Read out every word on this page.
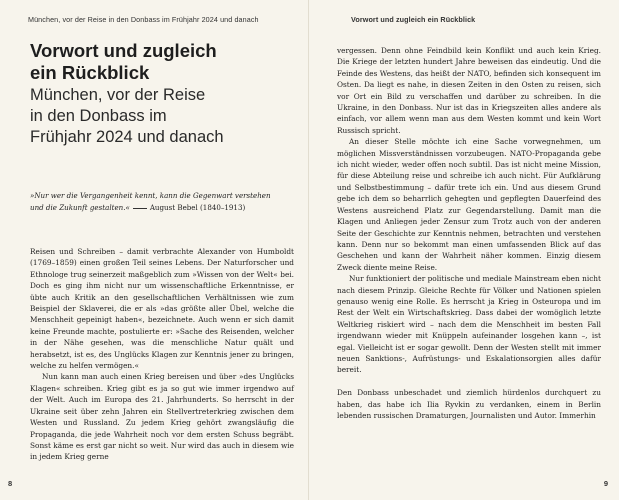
München, vor der Reise in den Donbass im Frühjahr 2024 und danach
Vorwort und zugleich
ein Rückblick
München, vor der Reise
in den Donbass im
Frühjahr 2024 und danach
»Nur wer die Vergangenheit kennt, kann die Gegenwart verstehen
und die Zukunft gestalten.«	August Bebel (1840–1913)

Reisen und Schreiben – damit verbrachte Alexander von Humboldt (1769–1859) einen großen Teil seines Lebens. Der Naturforscher und Ethnologe trug seinerzeit maßgeblich zum »Wissen von der Welt« bei. Doch es ging ihm nicht nur um wissenschaftliche Erkenntnisse, er übte auch Kritik an den gesellschaftlichen Verhältnissen wie zum Beispiel der Sklaverei, die er als »das größte aller Übel, welche die Menschheit gepeinigt haben«, bezeichnete. Auch wenn er sich damit keine Freunde machte, postulierte er: »Sache des Reisenden, welcher in der Nähe gesehen, was die menschliche Natur quält und herabsetzt, ist es, des Unglücks Klagen zur Kenntnis jener zu bringen, welche zu helfen vermögen.«

Nun kann man auch einen Krieg bereisen und über »des Unglücks Klagen« schreiben. Krieg gibt es ja so gut wie immer irgendwo auf der Welt. Auch im Europa des 21. Jahrhunderts. So herrscht in der Ukraine seit über zehn Jahren ein Stellvertreterkrieg zwischen dem Westen und Russland. Zu jedem Krieg gehört zwangsläufig die Propaganda, die jede Wahrheit noch vor dem ersten Schuss begräbt. Sonst käme es erst gar nicht so weit. Nur wird das auch in diesem wie in jedem Krieg gerne

8
Vorwort und zugleich ein Rückblick

vergessen. Denn ohne Feindbild kein Konflikt und auch kein Krieg. Die Kriege der letzten hundert Jahre beweisen das eindeutig. Und die Feinde des Westens, das heißt der NATO, befinden sich konsequent im Osten. Da liegt es nahe, in diesen Zeiten in den Osten zu reisen, sich vor Ort ein Bild zu verschaffen und darüber zu schreiben. In die Ukraine, in den Donbass. Nur ist das in Kriegszeiten alles andere als einfach, vor allem wenn man aus dem Westen kommt und kein Wort Russisch spricht.

An dieser Stelle möchte ich eine Sache vorwegnehmen, um möglichen Missverständnissen vorzubeugen. NATO-Propaganda gebe ich nicht wieder, weder offen noch subtil. Das ist nicht meine Mission, für diese Abteilung reise und schreibe ich auch nicht. Für Aufklärung und Selbstbestimmung – dafür trete ich ein. Und aus diesem Grund gebe ich dem so beharrlich gehegten und gepflegten Dauerfeind des Westens ausreichend Platz zur Gegendarstellung. Damit man die Klagen und Anliegen jeder Zensur zum Trotz auch von der anderen Seite der Geschichte zur Kenntnis nehmen, betrachten und verstehen kann. Denn nur so bekommt man einen umfassenden Blick auf das Geschehen und kann der Wahrheit näher kommen. Einzig diesem Zweck diente meine Reise.

Nur funktioniert der politische und mediale Mainstream eben nicht nach diesem Prinzip. Gleiche Rechte für Völker und Nationen spielen genauso wenig eine Rolle. Es herrscht ja Krieg in Osteuropa und im Rest der Welt ein Wirtschaftskrieg. Dass dabei der womöglich letzte Weltkrieg riskiert wird – nach dem die Menschheit im besten Fall irgendwann wieder mit Knüppeln aufeinander losgehen kann –, ist egal. Vielleicht ist er sogar gewollt. Denn der Westen stellt mit immer neuen Sanktions-, Aufrüstungs- und Eskalationsorgien alles dafür bereit.

Den Donbass unbeschadet und ziemlich hürdenlos durchquert zu haben, das habe ich Ilia Ryvkin zu verdanken, einem in Berlin lebenden russischen Dramaturgen, Journalisten und Autor. Immerhin

9
